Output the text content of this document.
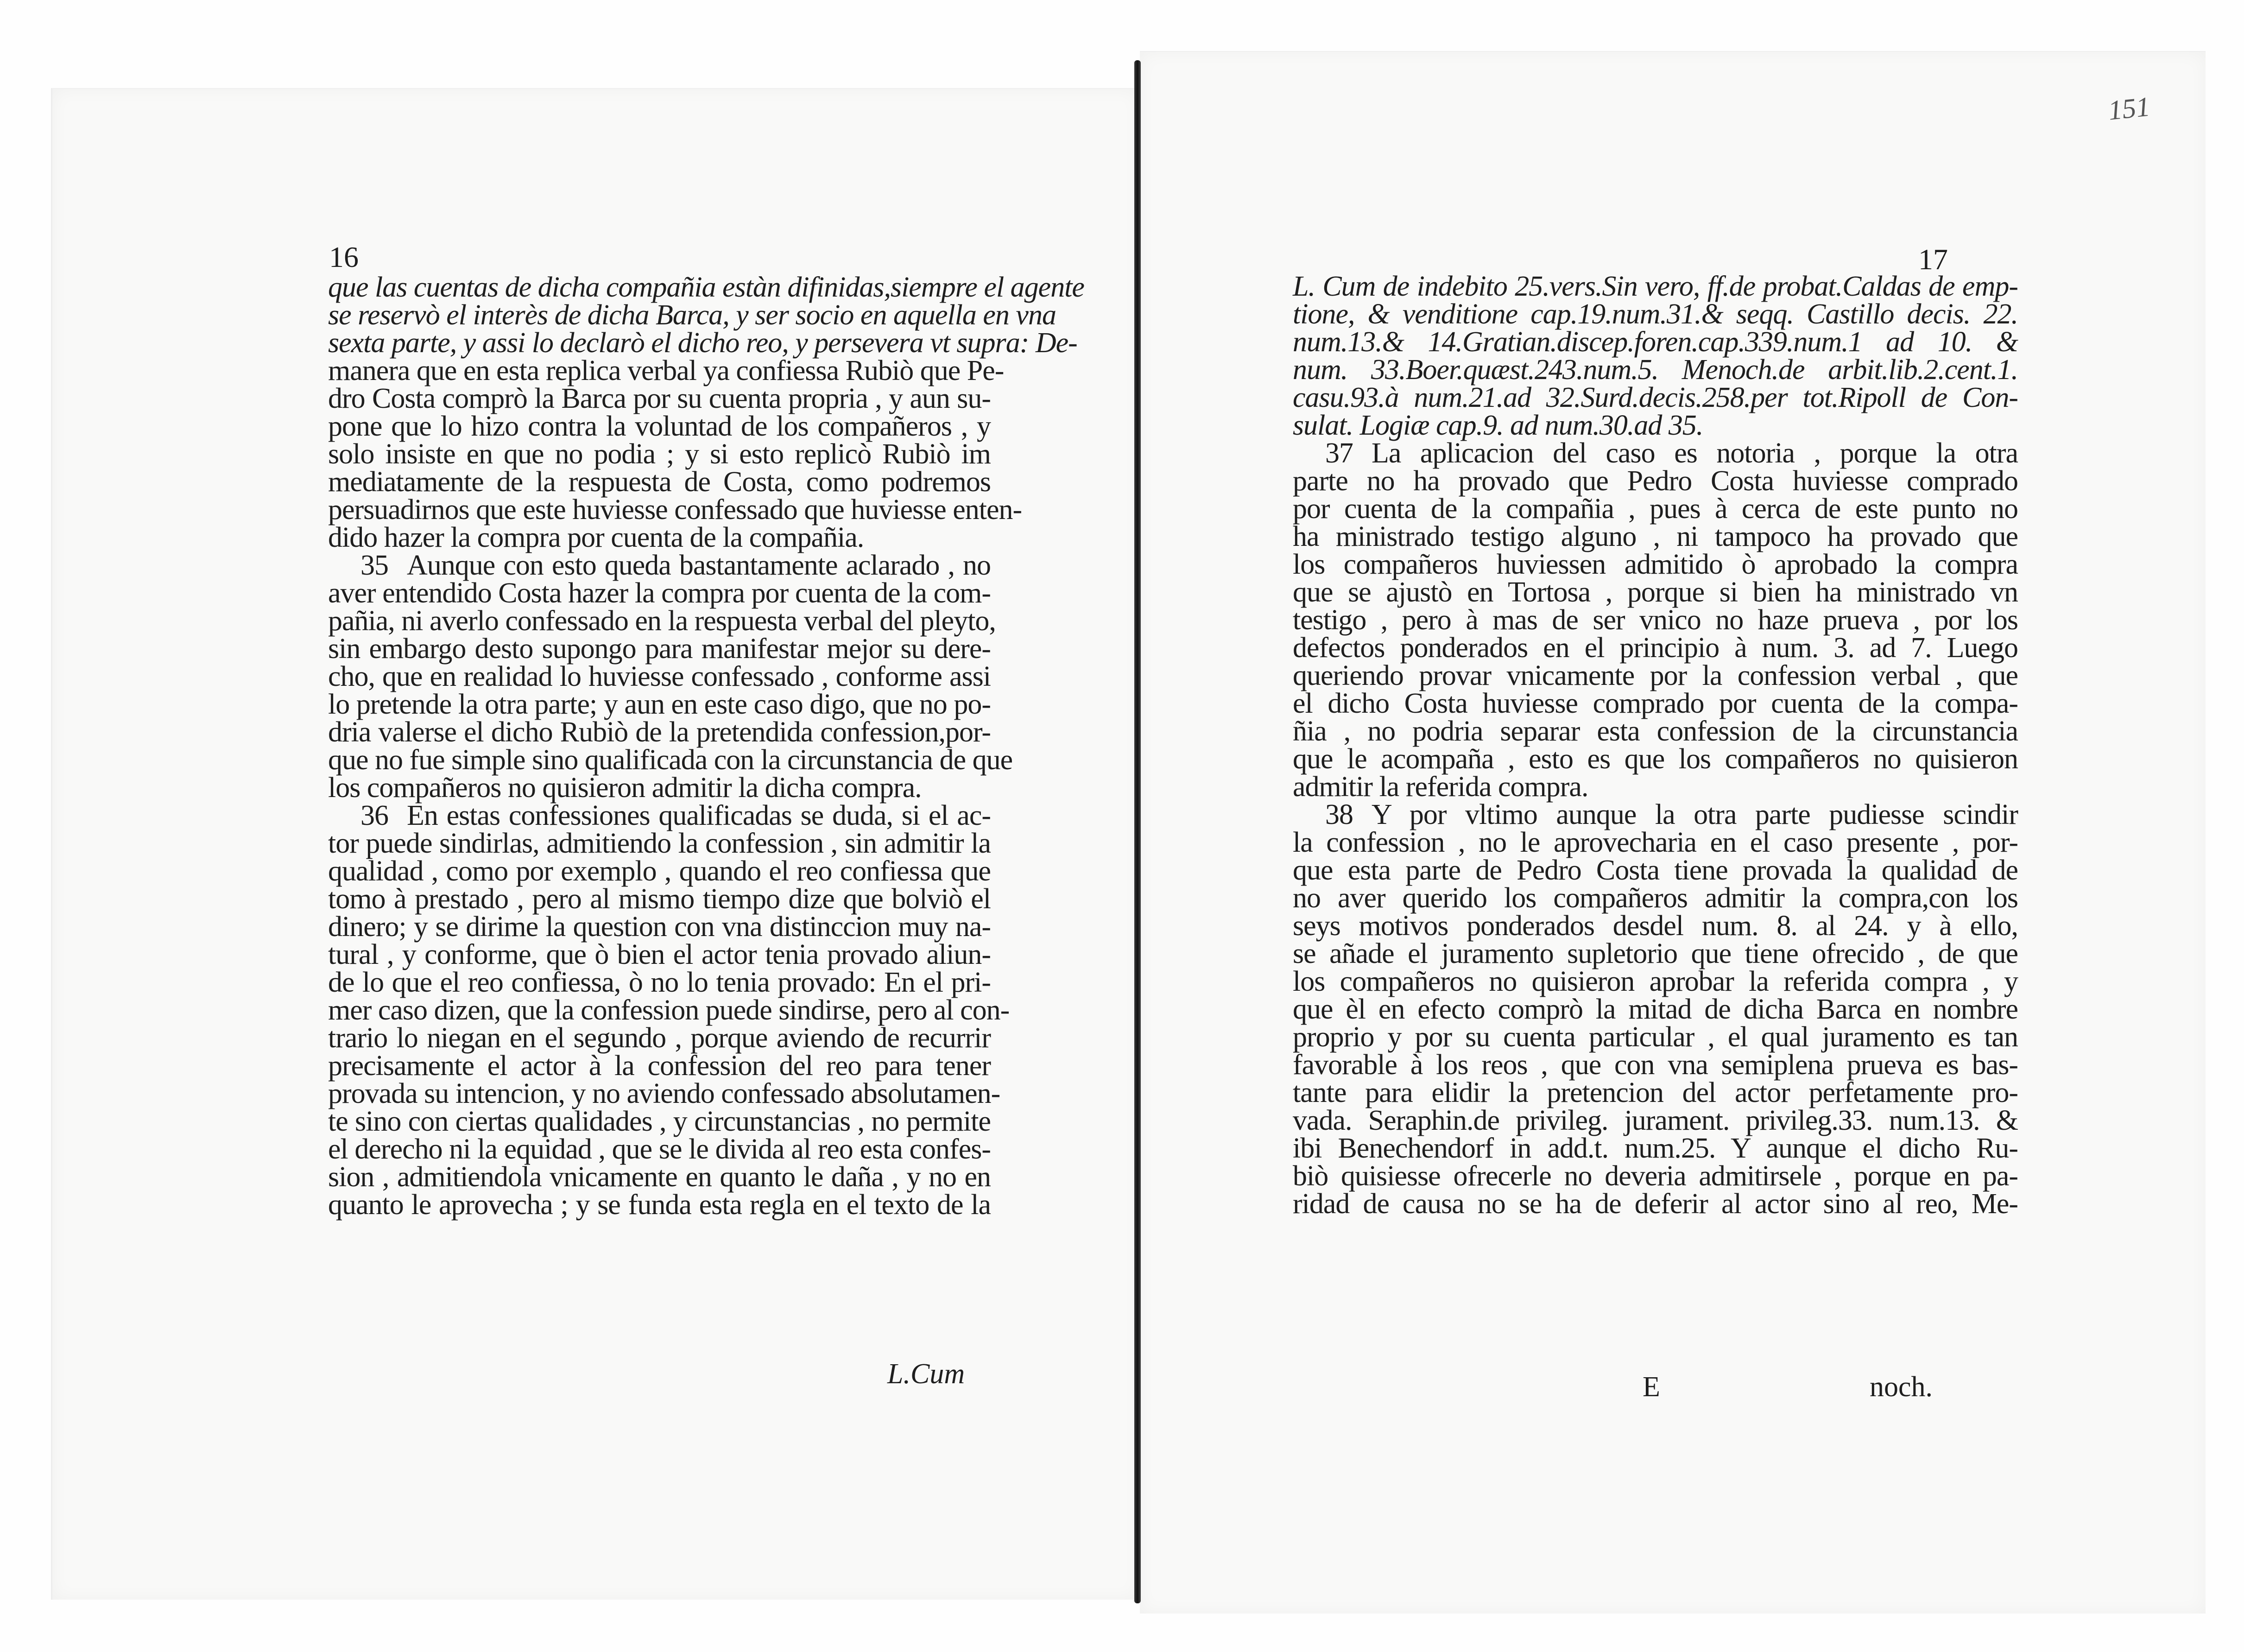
151
16	17
que las cuentas de dicha compañia estàn difinidas,siempre el agente
se reservò el interès de dicha Barca, y ser socio en aquella en vna
sexta parte, y assi lo declarò el dicho reo, y persevera vt supra: De-
manera que en esta replica verbal ya confiessa Rubiò que Pe-
dro Costa comprò la Barca por su cuenta propria , y aun su-
pone que lo hizo contra la voluntad de los compañeros , y
solo insiste en que no podia ; y si esto replicò Rubiò im
mediatamente de la respuesta de Costa, como podremos
persuadirnos que este huviesse confessado que huviesse enten-
dido hazer la compra por cuenta de la compañia.
35 Aunque con esto queda bastantamente aclarado , no
aver entendido Costa hazer la compra por cuenta de la com-
pañia, ni averlo confessado en la respuesta verbal del pleyto,
sin embargo desto supongo para manifestar mejor su dere-
cho, que en realidad lo huviesse confessado , conforme assi
lo pretende la otra parte; y aun en este caso digo, que no po-
dria valerse el dicho Rubiò de la pretendida confession,por-
que no fue simple sino qualificada con la circunstancia de que
los compañeros no quisieron admitir la dicha compra.
36 En estas confessiones qualificadas se duda, si el ac-
tor puede sindirlas, admitiendo la confession , sin admitir la
qualidad , como por exemplo , quando el reo confiessa que
tomo à prestado , pero al mismo tiempo dize que bolviò el
dinero; y se dirime la question con vna distinccion muy na-
tural , y conforme, que ò bien el actor tenia provado aliun-
de lo que el reo confiessa, ò no lo tenia provado: En el pri-
mer caso dizen, que la confession puede sindirse, pero al con-
trario lo niegan en el segundo , porque aviendo de recurrir
precisamente el actor à la confession del reo para tener
provada su intencion, y no aviendo confessado absolutamen-
te sino con ciertas qualidades , y circunstancias , no permite
el derecho ni la equidad , que se le divida al reo esta confes-
sion , admitiendola vnicamente en quanto le daña , y no en
quanto le aprovecha ; y se funda esta regla en el texto de la
L. Cum de indebito 25.vers.Sin vero, ff.de probat.Caldas de emp-
tione, & venditione cap.19.num.31.& seqq. Castillo decis. 22.
num.13.& 14.Gratian.discep.foren.cap.339.num.1 ad 10. &
num. 33.Boer.quæst.243.num.5. Menoch.de arbit.lib.2.cent.1.
casu.93.à num.21.ad 32.Surd.decis.258.per tot.Ripoll de Con-
sulat. Logiæ cap.9. ad num.30.ad 35.
37 La aplicacion del caso es notoria , porque la otra
parte no ha provado que Pedro Costa huviesse comprado
por cuenta de la compañia , pues à cerca de este punto no
ha ministrado testigo alguno , ni tampoco ha provado que
los compañeros huviessen admitido ò aprobado la compra
que se ajustò en Tortosa , porque si bien ha ministrado vn
testigo , pero à mas de ser vnico no haze prueva , por los
defectos ponderados en el principio à num. 3. ad 7. Luego
queriendo provar vnicamente por la confession verbal , que
el dicho Costa huviesse comprado por cuenta de la compa-
ñia , no podria separar esta confession de la circunstancia
que le acompaña , esto es que los compañeros no quisieron
admitir la referida compra.
38 Y por vltimo aunque la otra parte pudiesse scindir
la confession , no le aprovecharia en el caso presente , por-
que esta parte de Pedro Costa tiene provada la qualidad de
no aver querido los compañeros admitir la compra,con los
seys motivos ponderados desdel num. 8. al 24. y à ello,
se añade el juramento supletorio que tiene ofrecido , de que
los compañeros no quisieron aprobar la referida compra , y
que èl en efecto comprò la mitad de dicha Barca en nombre
proprio y por su cuenta particular , el qual juramento es tan
favorable à los reos , que con vna semiplena prueva es bas-
tante para elidir la pretencion del actor perfetamente pro-
vada. Seraphin.de privileg. jurament. privileg.33. num.13. &
ibi Benechendorf in add.t. num.25. Y aunque el dicho Ru-
biò quisiesse ofrecerle no deveria admitirsele , porque en pa-
ridad de causa no se ha de deferir al actor sino al reo, Me-
L.Cum	E	noch.
